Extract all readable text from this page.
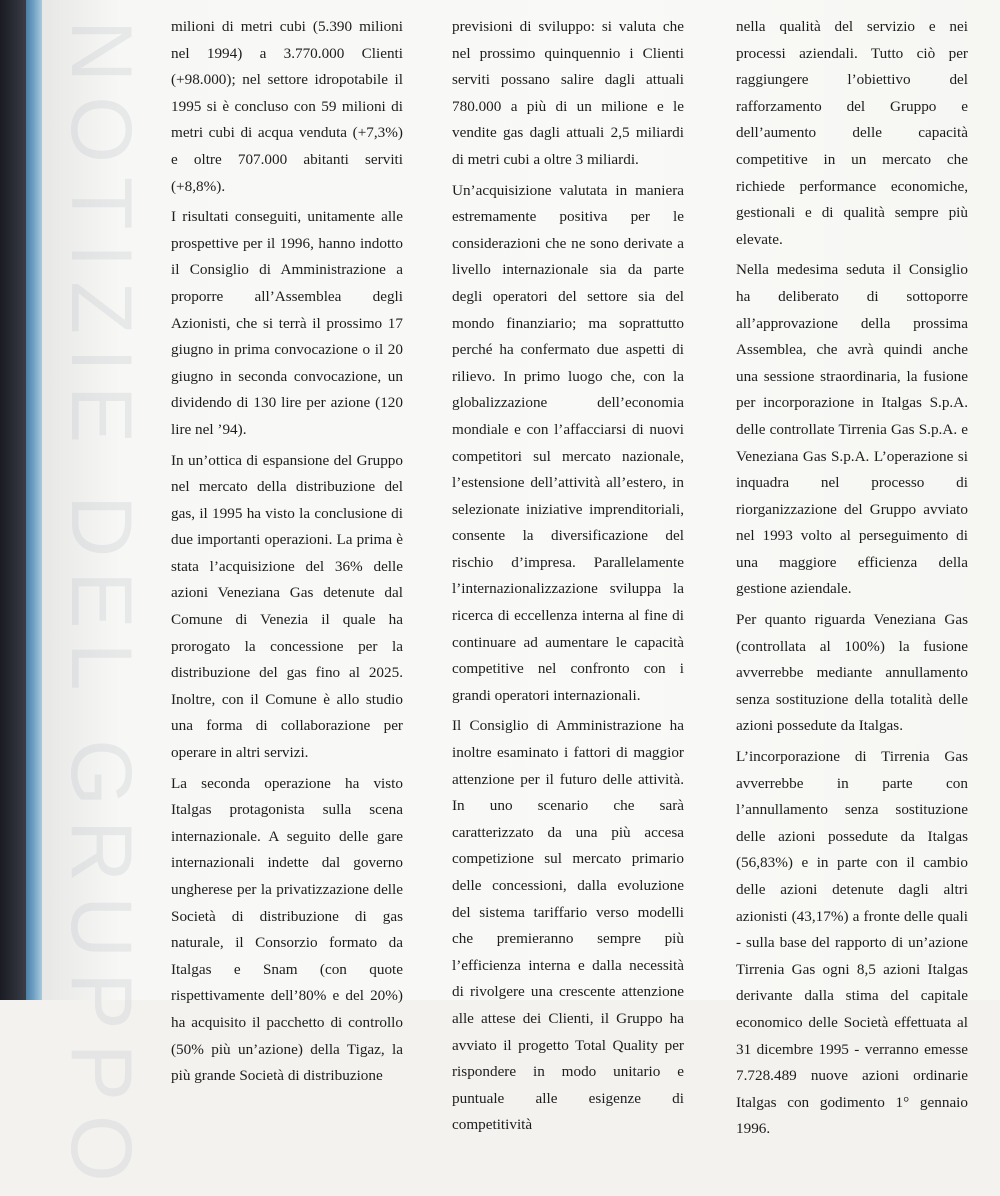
NOTIZIE DEL GRUPPO milioni di metri cubi (5.390 milioni nel 1994) a 3.770.000 Clienti (+98.000); nel settore idropotabile il 1995 si è concluso con 59 milioni di metri cubi di acqua venduta (+7,3%) e oltre 707.000 abitanti serviti (+8,8%).

I risultati conseguiti, unitamente alle prospettive per il 1996, hanno indotto il Consiglio di Amministrazione a proporre all’Assemblea degli Azionisti, che si terrà il prossimo 17 giugno in prima convocazione o il 20 giugno in seconda convocazione, un dividendo di 130 lire per azione (120 lire nel ’94).

In un’ottica di espansione del Gruppo nel mercato della distribuzione del gas, il 1995 ha visto la conclusione di due importanti operazioni. La prima è stata l’acquisizione del 36% delle azioni Veneziana Gas detenute dal Comune di Venezia il quale ha prorogato la concessione per la distribuzione del gas fino al 2025. Inoltre, con il Comune è allo studio una forma di collaborazione per operare in altri servizi.

La seconda operazione ha visto Italgas protagonista sulla scena internazionale. A seguito delle gare internazionali indette dal governo ungherese per la privatizzazione delle Società di distribuzione di gas naturale, il Consorzio formato da Italgas e Snam (con quote rispettivamente dell’80% e del 20%) ha acquisito il pacchetto di controllo (50% più un’azione) della Tigaz, la più grande Società di distribuzione

previsioni di sviluppo: si valuta che nel prossimo quinquennio i Clienti serviti possano salire dagli attuali 780.000 a più di un milione e le vendite gas dagli attuali 2,5 miliardi di metri cubi a oltre 3 miliardi.

Un’acquisizione valutata in maniera estremamente positiva per le considerazioni che ne sono derivate a livello internazionale sia da parte degli operatori del settore sia del mondo finanziario; ma soprattutto perché ha confermato due aspetti di rilievo. In primo luogo che, con la globalizzazione dell’economia mondiale e con l’affacciarsi di nuovi competitori sul mercato nazionale, l’estensione dell’attività all’estero, in selezionate iniziative imprenditoriali, consente la diversificazione del rischio d’impresa. Parallelamente l’internazionalizzazione sviluppa la ricerca di eccellenza interna al fine di continuare ad aumentare le capacità competitive nel confronto con i grandi operatori internazionali.

Il Consiglio di Amministrazione ha inoltre esaminato i fattori di maggior attenzione per il futuro delle attività. In uno scenario che sarà caratterizzato da una più accesa competizione sul mercato primario delle concessioni, dalla evoluzione del sistema tariffario verso modelli che premieranno sempre più l’efficienza interna e dalla necessità di rivolgere una crescente attenzione alle attese dei Clienti, il Gruppo ha avviato il progetto Total Quality per rispondere in modo unitario e puntuale alle esigenze di competitività

nella qualità del servizio e nei processi aziendali. Tutto ciò per raggiungere l’obiettivo del rafforzamento del Gruppo e dell’aumento delle capacità competitive in un mercato che richiede performance economiche, gestionali e di qualità sempre più elevate.

Nella medesima seduta il Consiglio ha deliberato di sottoporre all’approvazione della prossima Assemblea, che avrà quindi anche una sessione straordinaria, la fusione per incorporazione in Italgas S.p.A. delle controllate Tirrenia Gas S.p.A. e Veneziana Gas S.p.A. L’operazione si inquadra nel processo di riorganizzazione del Gruppo avviato nel 1993 volto al perseguimento di una maggiore efficienza della gestione aziendale.

Per quanto riguarda Veneziana Gas (controllata al 100%) la fusione avverrebbe mediante annullamento senza sostituzione della totalità delle azioni possedute da Italgas.

L’incorporazione di Tirrenia Gas avverrebbe in parte con l’annullamento senza sostituzione delle azioni possedute da Italgas (56,83%) e in parte con il cambio delle azioni detenute dagli altri azionisti (43,17%) a fronte delle quali - sulla base del rapporto di un’azione Tirrenia Gas ogni 8,5 azioni Italgas derivante dalla stima del capitale economico delle Società effettuata al 31 dicembre 1995 - verranno emesse 7.728.489 nuove azioni ordinarie Italgas con godimento 1° gennaio 1996.
